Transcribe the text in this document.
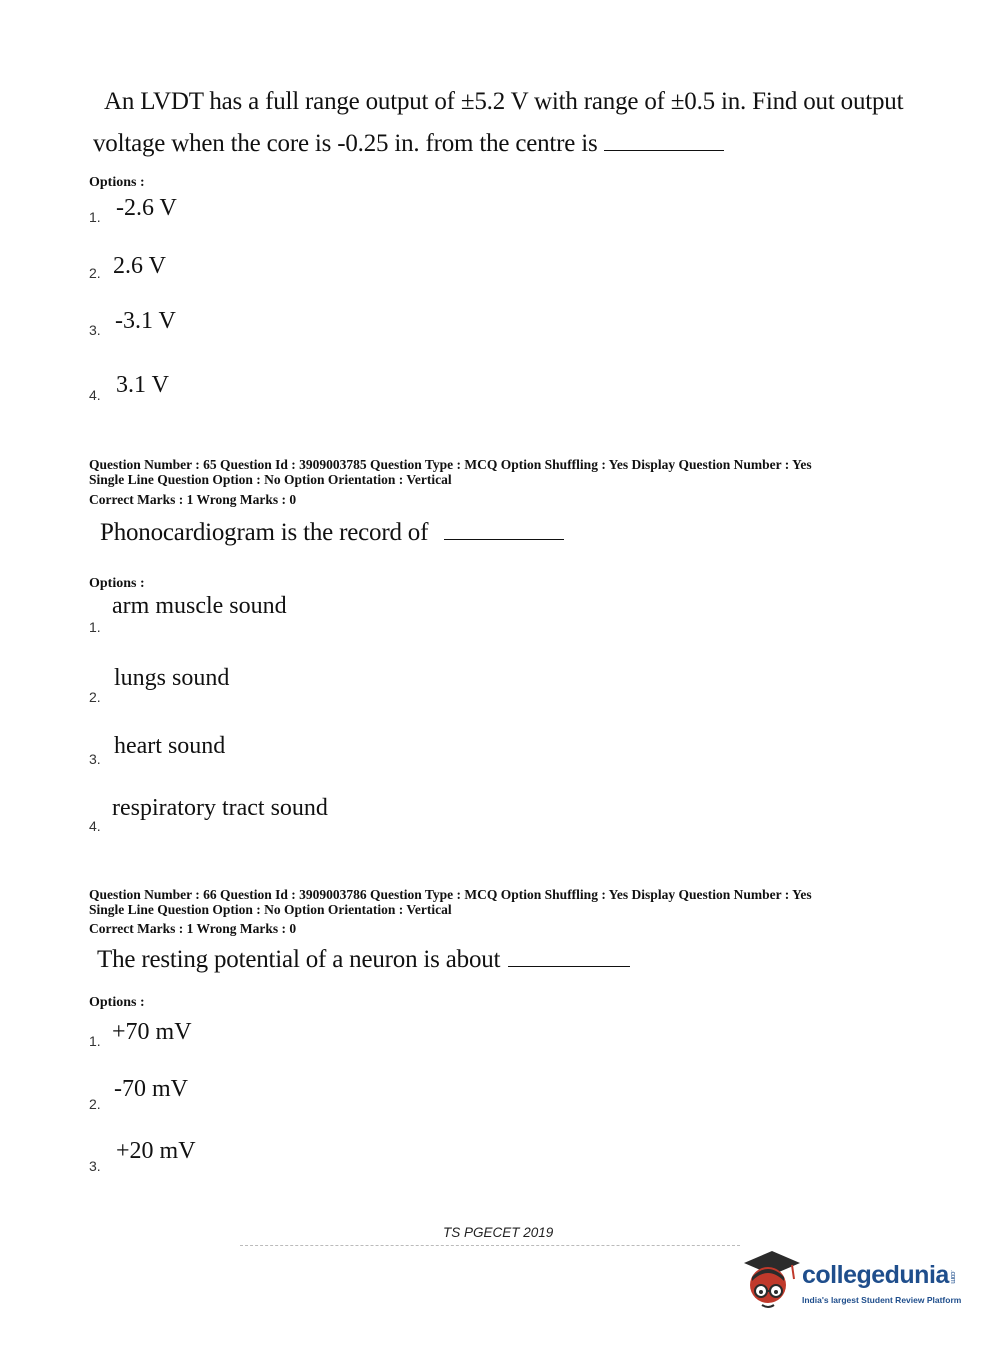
An LVDT has a full range output of ±5.2 V with range of ±0.5 in. Find out output
voltage when the core is -0.25 in. from the centre is
Options :
1. -2.6 V
2. 2.6 V
3. -3.1 V
4. 3.1 V
Question Number : 65 Question Id : 3909003785 Question Type : MCQ Option Shuffling : Yes Display Question Number : Yes
Single Line Question Option : No Option Orientation : Vertical
Correct Marks : 1 Wrong Marks : 0
Phonocardiogram is the record of
Options :
1.
arm muscle sound
2.
lungs sound
3. heart sound
4.
respiratory tract sound
Question Number : 66 Question Id : 3909003786 Question Type : MCQ Option Shuffling : Yes Display Question Number : Yes
Single Line Question Option : No Option Orientation : Vertical
Correct Marks : 1 Wrong Marks : 0
The resting potential of a neuron is about
Options :
1. +70 mV
2.
-70 mV
3.
+20 mV
TS PGECET 2019
collegedunia.com
India's largest Student Review Platform
